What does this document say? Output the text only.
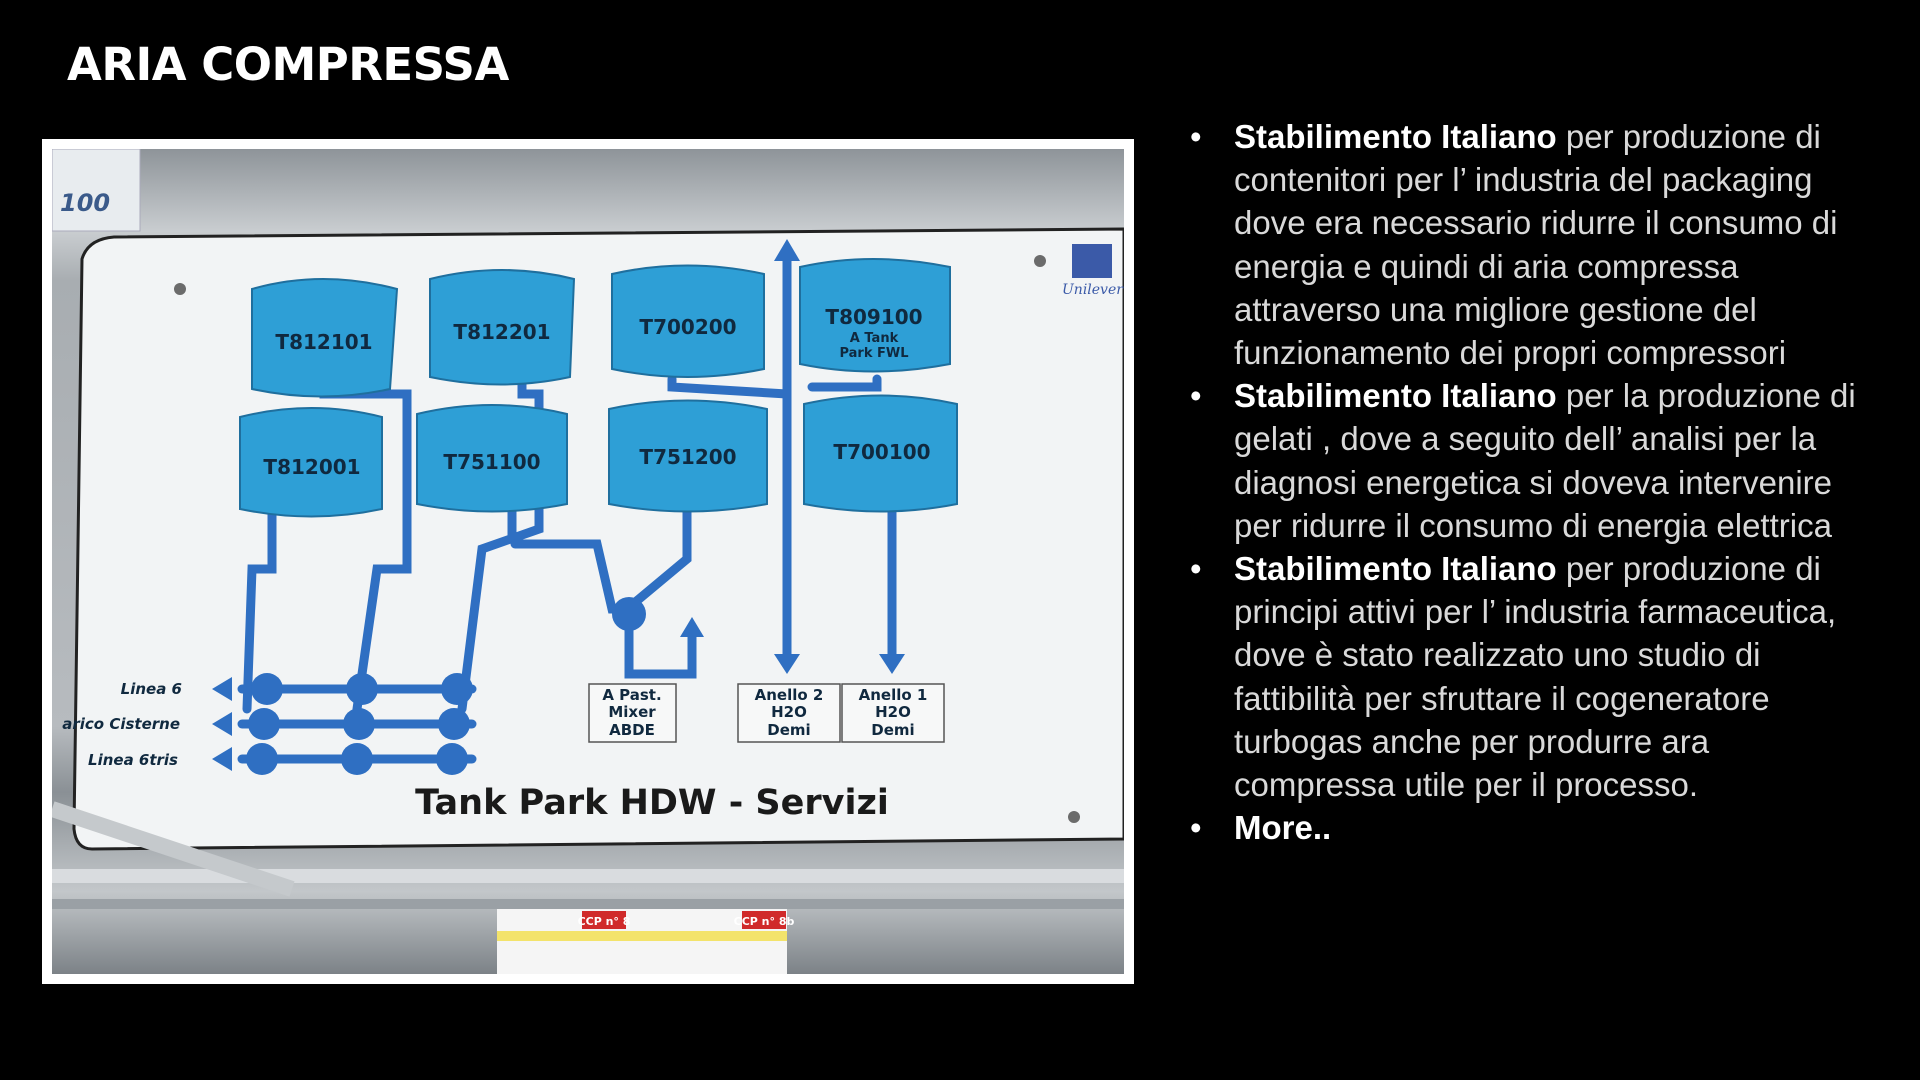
ARIA COMPRESSA
100
Unilever
T812101	T812201	T700200	T809100
T812001	T751100	T751200	T700100
A Tank
Park FWL
Linea 6
arico Cisterne
Linea 6tris
A Past.
Mixer
ABDE
Anello 2
H2O
Demi
Anello 1
H2O
Demi
Tank Park HDW - Servizi
CCP n° 8	CCP n° 8b
• Stabilimento Italiano per produzione di contenitori per l’ industria del packaging dove era necessario ridurre il consumo di energia e quindi di aria compressa attraverso una migliore gestione del funzionamento dei propri compressori
• Stabilimento Italiano per la produzione di gelati , dove a seguito dell’ analisi per la diagnosi energetica si doveva intervenire per ridurre il consumo di energia elettrica
• Stabilimento Italiano per produzione di principi attivi per l’ industria farmaceutica, dove è stato realizzato uno studio di fattibilità per sfruttare il cogeneratore turbogas anche per produrre ara compressa utile per il processo.
• More..
